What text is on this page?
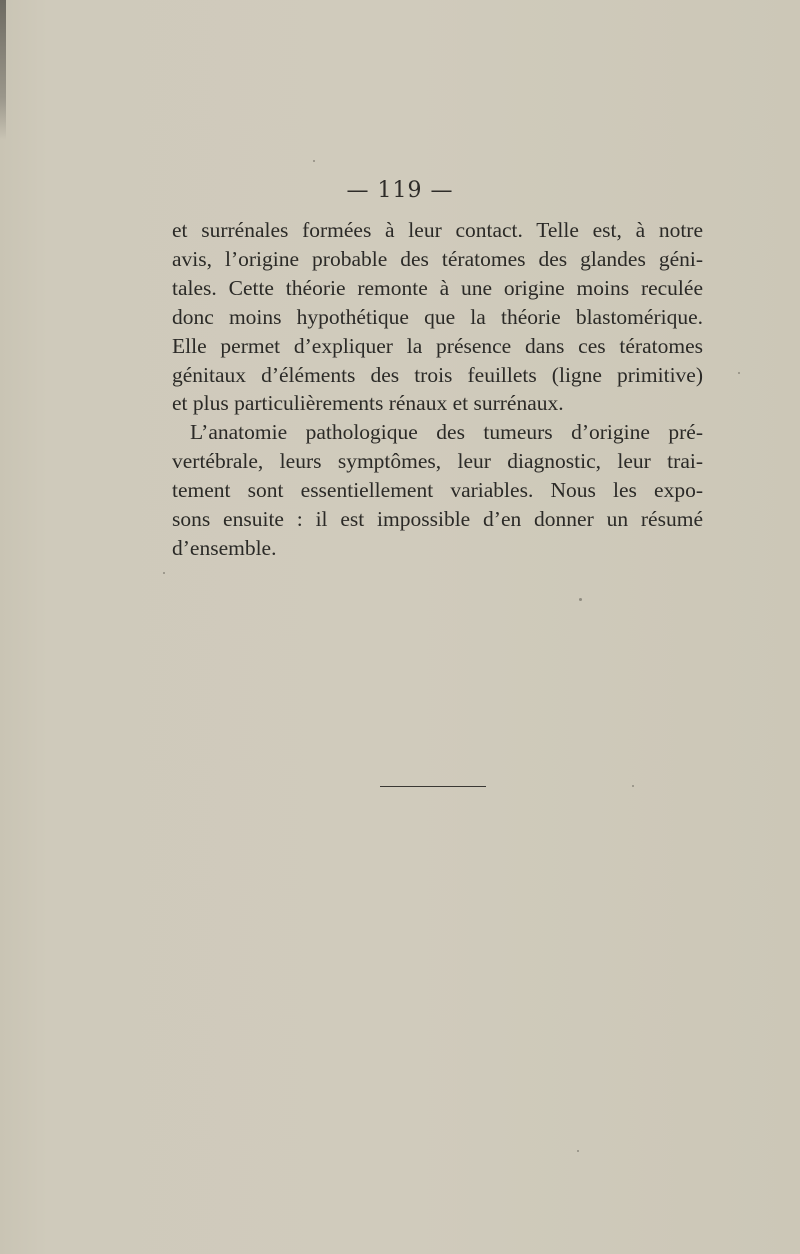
— 119 —

et surrénales formées à leur contact. Telle est, à notre

avis, l’origine probable des tératomes des glandes géni-

tales. Cette théorie remonte à une origine moins reculée

donc moins hypothétique que la théorie blastomérique.

Elle permet d’expliquer la présence dans ces tératomes

génitaux d’éléments des trois feuillets (ligne primitive)

et plus particulièrements rénaux et surrénaux.

L’anatomie pathologique des tumeurs d’origine pré-

vertébrale, leurs symptômes, leur diagnostic, leur trai-

tement sont essentiellement variables. Nous les expo-

sons ensuite : il est impossible d’en donner un résumé

d’ensemble.
